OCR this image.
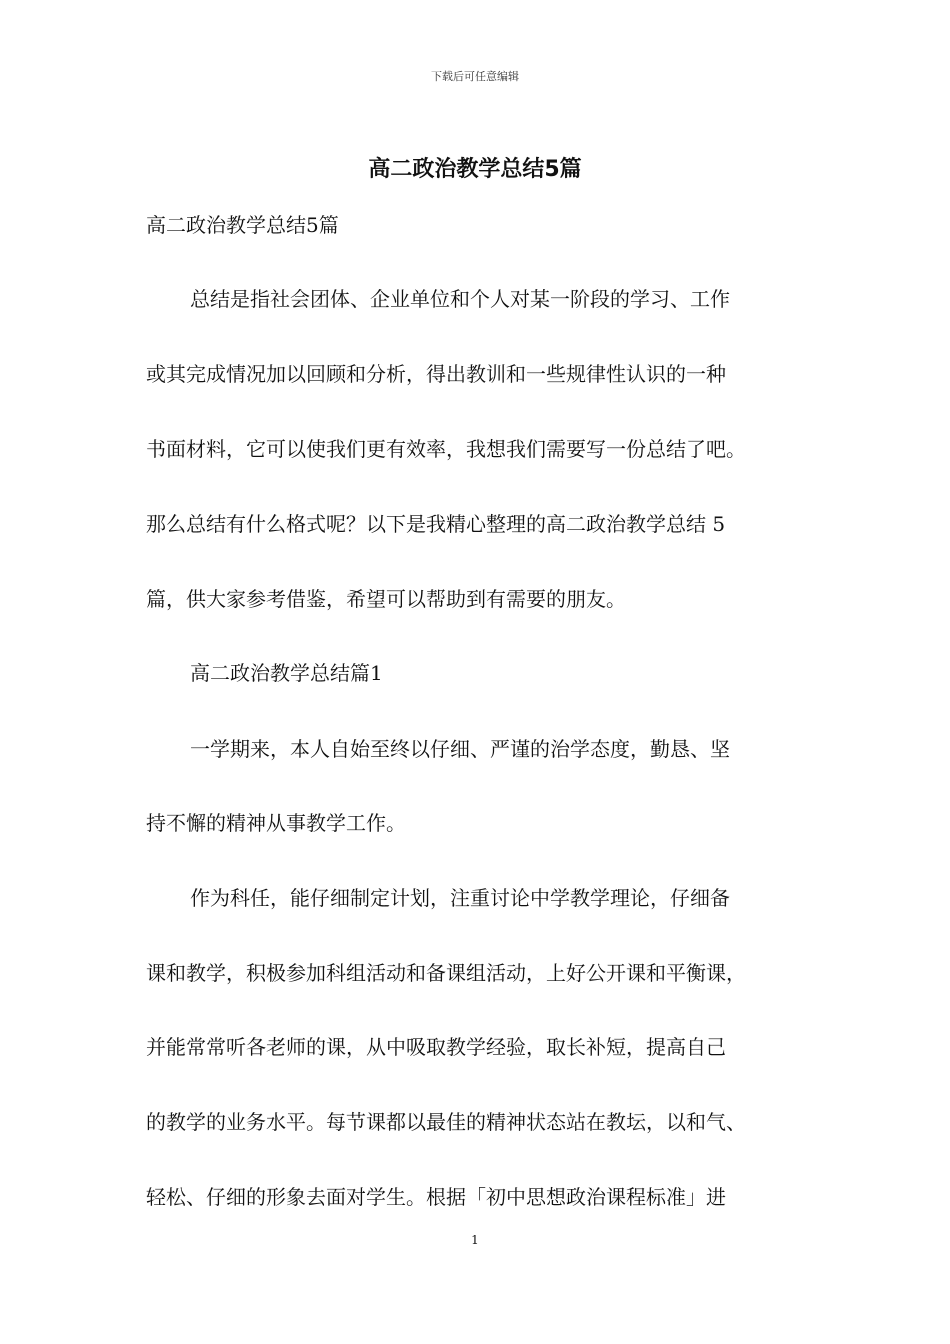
下载后可任意编辑
高二政治教学总结5篇
高二政治教学总结5篇
总结是指社会团体、企业单位和个人对某一阶段的学习、工作
或其完成情况加以回顾和分析，得出教训和一些规律性认识的一种
书面材料，它可以使我们更有效率，我想我们需要写一份总结了吧。
那么总结有什么格式呢？以下是我精心整理的高二政治教学总结 5
篇，供大家参考借鉴，希望可以帮助到有需要的朋友。
高二政治教学总结篇1
一学期来，本人自始至终以仔细、严谨的治学态度，勤恳、坚
持不懈的精神从事教学工作。
作为科任，能仔细制定计划，注重讨论中学教学理论，仔细备
课和教学，积极参加科组活动和备课组活动，上好公开课和平衡课，
并能常常听各老师的课，从中吸取教学经验，取长补短，提高自己
的教学的业务水平。每节课都以最佳的精神状态站在教坛，以和气、
轻松、仔细的形象去面对学生。根据「初中思想政治课程标准」进
1
